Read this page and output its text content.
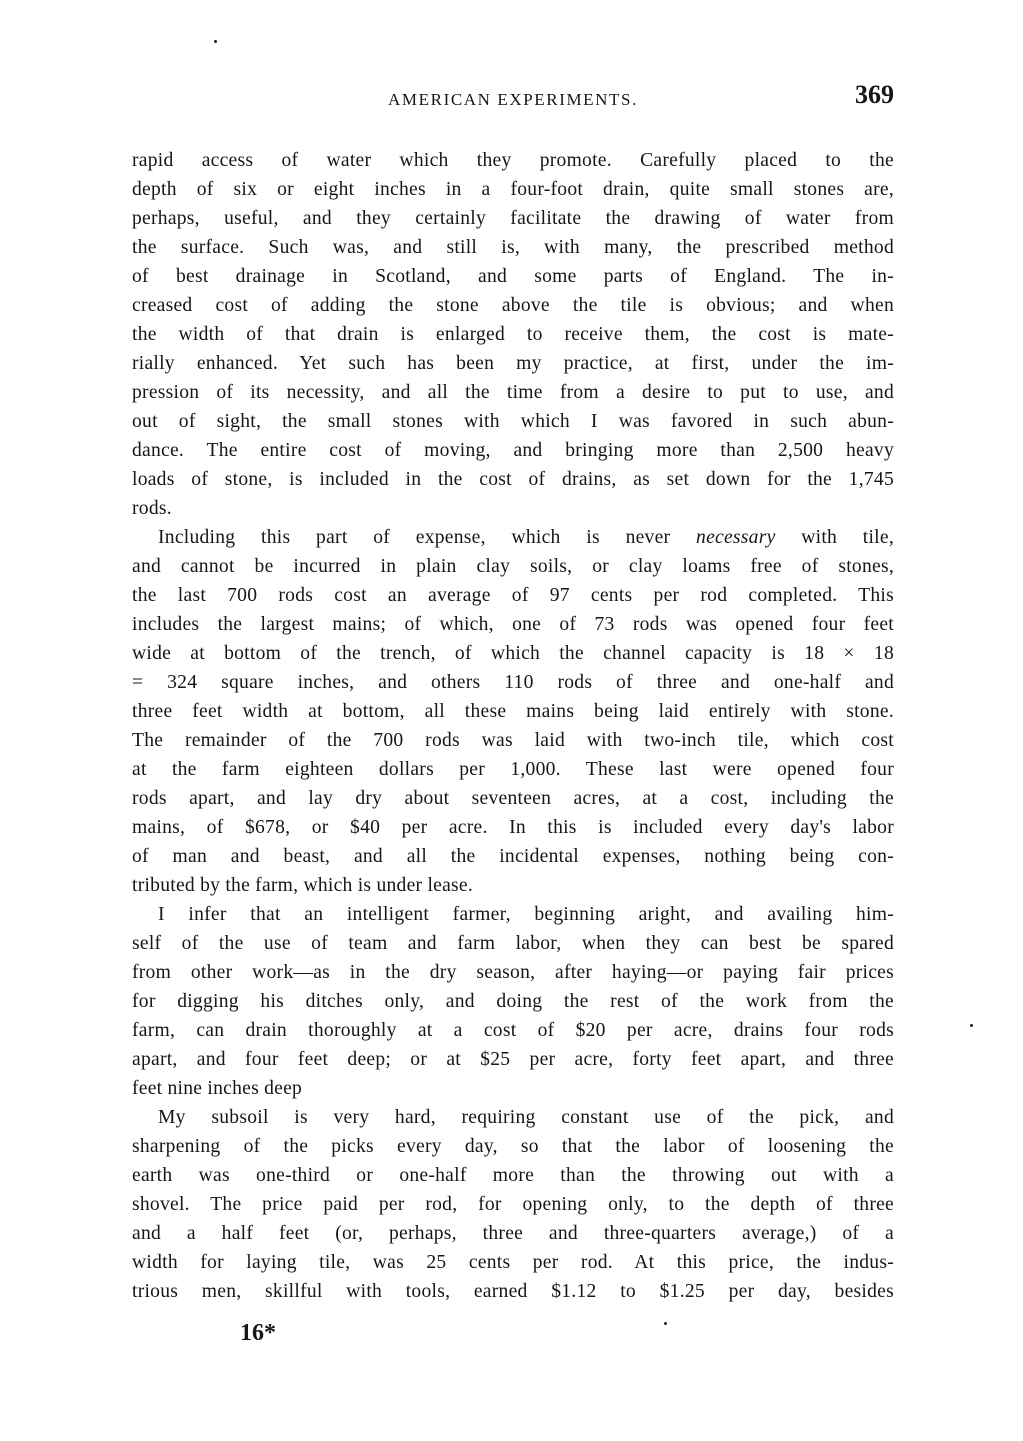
AMERICAN EXPERIMENTS.	369
rapid access of water which they promote. Carefully placed to the
depth of six or eight inches in a four-foot drain, quite small stones are,
perhaps, useful, and they certainly facilitate the drawing of water from
the surface. Such was, and still is, with many, the prescribed method
of best drainage in Scotland, and some parts of England. The in-
creased cost of adding the stone above the tile is obvious; and when
the width of that drain is enlarged to receive them, the cost is mate-
rially enhanced. Yet such has been my practice, at first, under the im-
pression of its necessity, and all the time from a desire to put to use, and
out of sight, the small stones with which I was favored in such abun-
dance. The entire cost of moving, and bringing more than 2,500 heavy
loads of stone, is included in the cost of drains, as set down for the 1,745
rods.
Including this part of expense, which is never necessary with tile,
and cannot be incurred in plain clay soils, or clay loams free of stones,
the last 700 rods cost an average of 97 cents per rod completed. This
includes the largest mains; of which, one of 73 rods was opened four feet
wide at bottom of the trench, of which the channel capacity is 18 × 18
= 324 square inches, and others 110 rods of three and one-half and
three feet width at bottom, all these mains being laid entirely with stone.
The remainder of the 700 rods was laid with two-inch tile, which cost
at the farm eighteen dollars per 1,000. These last were opened four
rods apart, and lay dry about seventeen acres, at a cost, including the
mains, of $678, or $40 per acre. In this is included every day's labor
of man and beast, and all the incidental expenses, nothing being con-
tributed by the farm, which is under lease.
I infer that an intelligent farmer, beginning aright, and availing him-
self of the use of team and farm labor, when they can best be spared
from other work—as in the dry season, after haying—or paying fair prices
for digging his ditches only, and doing the rest of the work from the
farm, can drain thoroughly at a cost of $20 per acre, drains four rods
apart, and four feet deep; or at $25 per acre, forty feet apart, and three
feet nine inches deep
My subsoil is very hard, requiring constant use of the pick, and
sharpening of the picks every day, so that the labor of loosening the
earth was one-third or one-half more than the throwing out with a
shovel. The price paid per rod, for opening only, to the depth of three
and a half feet (or, perhaps, three and three-quarters average,) of a
width for laying tile, was 25 cents per rod. At this price, the indus-
trious men, skillful with tools, earned $1.12 to $1.25 per day, besides
16*
